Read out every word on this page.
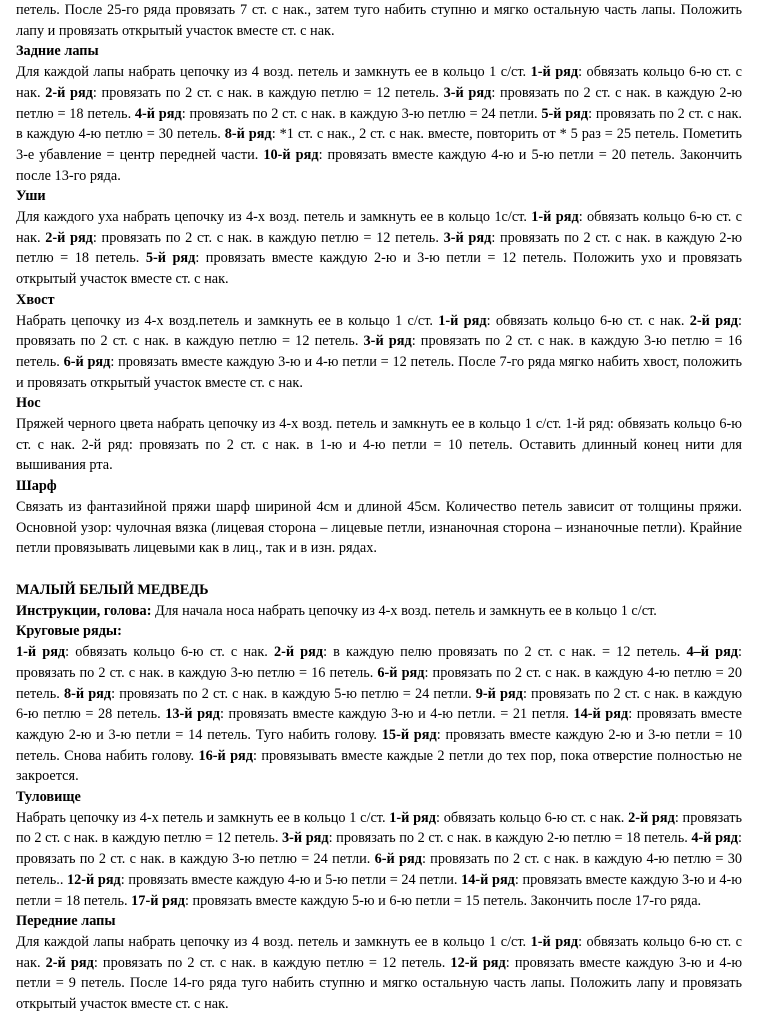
петель. После 25-го ряда провязать 7 ст. с нак., затем туго набить ступню и мягко остальную часть лапы. Положить лапу и провязать открытый участок вместе ст. с нак.

Задние лапы

Для каждой лапы набрать цепочку из 4 возд. петель и замкнуть ее в кольцо 1 с/ст. 1-й ряд: обвязать кольцо 6-ю ст. с нак. 2-й ряд: провязать по 2 ст. с нак. в каждую петлю = 12 петель. 3-й ряд: провязать по 2 ст. с нак. в каждую 2-ю петлю = 18 петель. 4-й ряд: провязать по 2 ст. с нак. в каждую 3-ю петлю = 24 петли. 5-й ряд: провязать по 2 ст. с нак. в каждую 4-ю петлю = 30 петель. 8-й ряд: *1 ст. с нак., 2 ст. с нак. вместе, повторить от * 5 раз = 25 петель. Пометить 3-е убавление = центр передней части. 10-й ряд: провязать вместе каждую 4-ю и 5-ю петли = 20 петель. Закончить после 13-го ряда.

Уши

Для каждого уха набрать цепочку из 4-х возд. петель и замкнуть ее в кольцо 1с/ст. 1-й ряд: обвязать кольцо 6-ю ст. с нак. 2-й ряд: провязать по 2 ст. с нак. в каждую петлю = 12 петель. 3-й ряд: провязать по 2 ст. с нак. в каждую 2-ю петлю = 18 петель. 5-й ряд: провязать вместе каждую 2-ю и 3-ю петли = 12 петель. Положить ухо и провязать открытый участок вместе ст. с нак.

Хвост

Набрать цепочку из 4-х возд.петель и замкнуть ее в кольцо 1 с/ст. 1-й ряд: обвязать кольцо 6-ю ст. с нак. 2-й ряд: провязать по 2 ст. с нак. в каждую петлю = 12 петель. 3-й ряд: провязать по 2 ст. с нак. в каждую 3-ю петлю = 16 петель. 6-й ряд: провязать вместе каждую 3-ю и 4-ю петли = 12 петель. После 7-го ряда мягко набить хвост, положить и провязать открытый участок вместе ст. с нак.

Нос

Пряжей черного цвета набрать цепочку из 4-х возд. петель и замкнуть ее в кольцо 1 с/ст. 1-й ряд: обвязать кольцо 6-ю ст. с нак. 2-й ряд: провязать по 2 ст. с нак. в 1-ю и 4-ю петли = 10 петель. Оставить длинный конец нити для вышивания рта.

Шарф

Связать из фантазийной пряжи шарф шириной 4см и длиной 45см. Количество петель зависит от толщины пряжи. Основной узор: чулочная вязка (лицевая сторона – лицевые петли, изнаночная сторона – изнаночные петли). Крайние петли провязывать лицевыми как в лиц., так и в изн. рядах.

МАЛЫЙ БЕЛЫЙ МЕДВЕДЬ

Инструкции, голова: Для начала носа набрать цепочку из 4-х возд. петель и замкнуть ее в кольцо 1 с/ст.

Круговые ряды:

1-й ряд: обвязать кольцо 6-ю ст. с нак. 2-й ряд: в каждую пелю провязать по 2 ст. с нак. = 12 петель. 4–й ряд: провязать по 2 ст. с нак. в каждую 3-ю петлю = 16 петель. 6-й ряд: провязать по 2 ст. с нак. в каждую 4-ю петлю = 20 петель. 8-й ряд: провязать по 2 ст. с нак. в каждую 5-ю петлю = 24 петли. 9-й ряд: провязать по 2 ст. с нак. в каждую 6-ю петлю = 28 петель. 13-й ряд: провязать вместе каждую 3-ю и 4-ю петли. = 21 петля. 14-й ряд: провязать вместе каждую 2-ю и 3-ю петли = 14 петель. Туго набить голову. 15-й ряд: провязать вместе каждую 2-ю и 3-ю петли = 10 петель. Снова набить голову. 16-й ряд: провязывать вместе каждые 2 петли до тех пор, пока отверстие полностью не закроется.

Туловище

Набрать цепочку из 4-х петель и замкнуть ее в кольцо 1 с/ст. 1-й ряд: обвязать кольцо 6-ю ст. с нак. 2-й ряд: провязать по 2 ст. с нак. в каждую петлю = 12 петель. 3-й ряд: провязать по 2 ст. с нак. в каждую 2-ю петлю = 18 петель. 4-й ряд: провязать по 2 ст. с нак. в каждую 3-ю петлю = 24 петли. 6-й ряд: провязать по 2 ст. с нак. в каждую 4-ю петлю = 30 петель.. 12-й ряд: провязать вместе каждую 4-ю и 5-ю петли = 24 петли. 14-й ряд: провязать вместе каждую 3-ю и 4-ю петли = 18 петель. 17-й ряд: провязать вместе каждую 5-ю и 6-ю петли = 15 петель. Закончить после 17-го ряда.

Передние лапы

Для каждой лапы набрать цепочку из 4 возд. петель и замкнуть ее в кольцо 1 с/ст. 1-й ряд: обвязать кольцо 6-ю ст. с нак. 2-й ряд: провязать по 2 ст. с нак. в каждую петлю = 12 петель. 12-й ряд: провязать вместе каждую 3-ю и 4-ю петли = 9 петель. После 14-го ряда туго набить ступню и мягко остальную часть лапы. Положить лапу и провязать открытый участок вместе ст. с нак.
